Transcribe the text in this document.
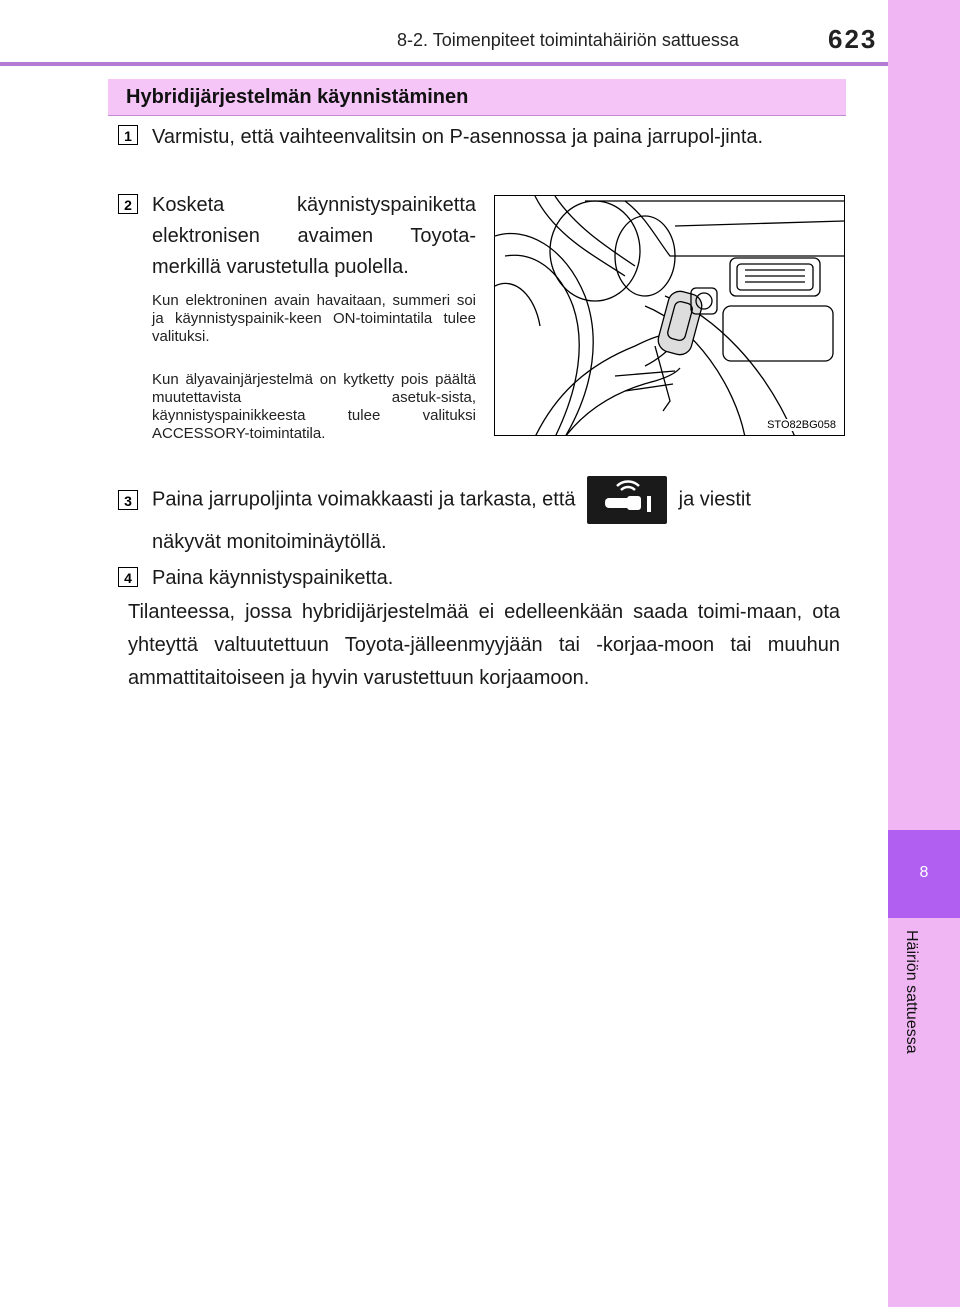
8
Häiriön sattuessa
8-2. Toimenpiteet toimintahäiriön sattuessa	623
Hybridijärjestelmän käynnistäminen
1	Varmistu, että vaihteenvalitsin on P-asennossa ja paina jarrupol-jinta.
2	Kosketa käynnistyspainiketta elektronisen avaimen Toyota-merkillä varustetulla puolella.
Kun elektroninen avain havaitaan, summeri soi ja käynnistyspainik-keen ON-toimintatila tulee valituksi.
Kun älyavainjärjestelmä on kytketty pois päältä muutettavista asetuk-sista, käynnistyspainikkeesta tulee valituksi ACCESSORY-toimintatila.	STO82BG058
3	Paina jarrupoljinta voimakkaasti ja tarkasta, että	ja viestit
näkyvät monitoiminäytöllä.
4	Paina käynnistyspainiketta.
Tilanteessa, jossa hybridijärjestelmää ei edelleenkään saada toimi-maan, ota yhteyttä valtuutettuun Toyota-jälleenmyyjään tai -korjaa-moon tai muuhun ammattitaitoiseen ja hyvin varustettuun korjaamoon.
